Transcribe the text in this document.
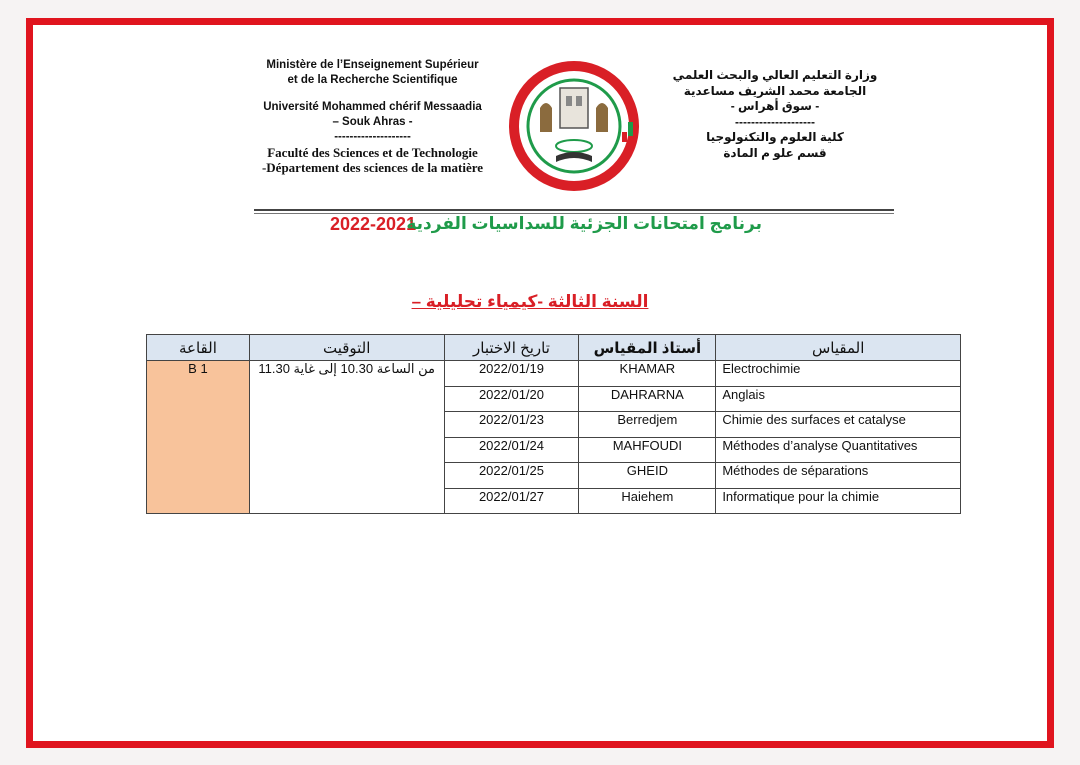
Ministère de l’Enseignement Supérieur
et de la Recherche Scientifique
Université Mohammed chérif Messaadia
– Souk Ahras -
--------------------
Faculté des Sciences et de Technologie
-Département des sciences de la matière
وزارة التعليم العالي والبحث العلمي
الجامعة محمد الشريف مساعدية
- سوق أهراس -
--------------------
كلية العلوم والتكنولوجيا
قسم علو م المادة
2022-2021
برنامج امتحانات الجزئية للسداسيات الفردية
السنة الثالثة -كيمياء تحليلية –
القاعة	التوقيت	تاريخ الاختبار	أستاذ المقياس	المقياس
B 1	من الساعة 10.30 إلى غاية 11.30	2022/01/19	KHAMAR	Electrochimie
		2022/01/20	DAHRARNA	Anglais
		2022/01/23	Berredjem	Chimie des surfaces et catalyse
		2022/01/24	MAHFOUDI	Méthodes d’analyse Quantitatives
		2022/01/25	GHEID	Méthodes de séparations
		2022/01/27	Haiehem	Informatique pour la chimie
